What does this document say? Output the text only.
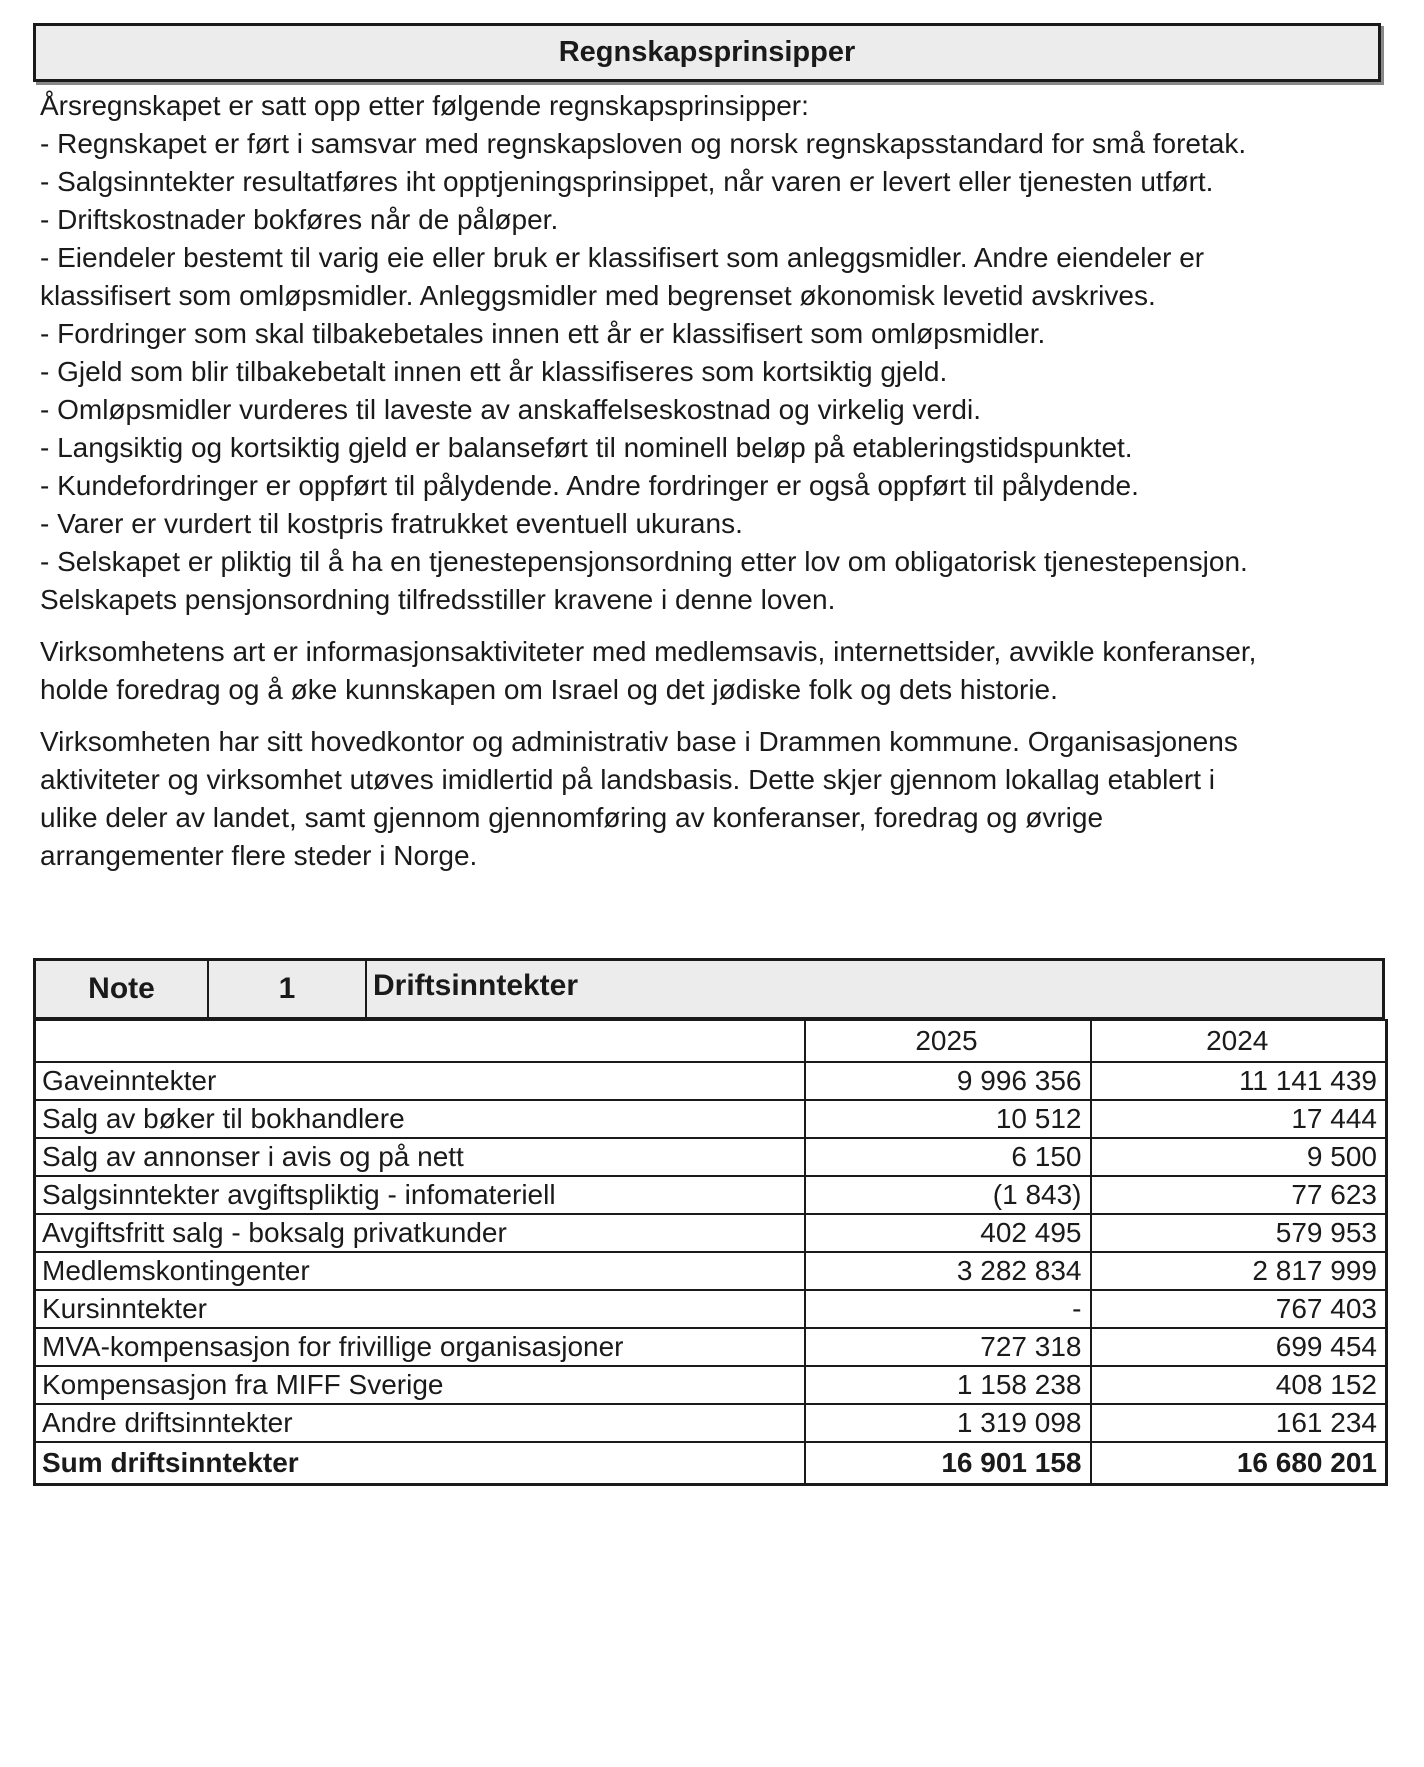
Regnskapsprinsipper

Årsregnskapet er satt opp etter følgende regnskapsprinsipper:

- Regnskapet er ført i samsvar med regnskapsloven og norsk regnskapsstandard for små foretak.

- Salgsinntekter resultatføres iht opptjeningsprinsippet, når varen er levert eller tjenesten utført.

- Driftskostnader bokføres når de påløper.

- Eiendeler bestemt til varig eie eller bruk er klassifisert som anleggsmidler. Andre eiendeler er

klassifisert som omløpsmidler. Anleggsmidler med begrenset økonomisk levetid avskrives.

- Fordringer som skal tilbakebetales innen ett år er klassifisert som omløpsmidler.

- Gjeld som blir tilbakebetalt innen ett år klassifiseres som kortsiktig gjeld.

- Omløpsmidler vurderes til laveste av anskaffelseskostnad og virkelig verdi.

- Langsiktig og kortsiktig gjeld er balanseført til nominell beløp på etableringstidspunktet.

- Kundefordringer er oppført til pålydende. Andre fordringer er også oppført til pålydende.

- Varer er vurdert til kostpris fratrukket eventuell ukurans.

- Selskapet er pliktig til å ha en tjenestepensjonsordning etter lov om obligatorisk tjenestepensjon.

Selskapets pensjonsordning tilfredsstiller kravene i denne loven.

Virksomhetens art er informasjonsaktiviteter med medlemsavis, internettsider, avvikle konferanser,

holde foredrag og å øke kunnskapen om Israel og det jødiske folk og dets historie.

Virksomheten har sitt hovedkontor og administrativ base i Drammen kommune. Organisasjonens

aktiviteter og virksomhet utøves imidlertid på landsbasis. Dette skjer gjennom lokallag etablert i

ulike deler av landet, samt gjennom gjennomføring av konferanser, foredrag og øvrige

arrangementer flere steder i Norge.

Note	1	Driftsinntekter
	2025	2024
Gaveinntekter	9 996 356	11 141 439
Salg av bøker til bokhandlere	10 512	17 444
Salg av annonser i avis og på nett	6 150	9 500
Salgsinntekter avgiftspliktig - infomateriell	(1 843)	77 623
Avgiftsfritt salg - boksalg privatkunder	402 495	579 953
Medlemskontingenter	3 282 834	2 817 999
Kursinntekter	-	767 403
MVA-kompensasjon for frivillige organisasjoner	727 318	699 454
Kompensasjon fra MIFF Sverige	1 158 238	408 152
Andre driftsinntekter	1 319 098	161 234
Sum driftsinntekter	16 901 158	16 680 201
